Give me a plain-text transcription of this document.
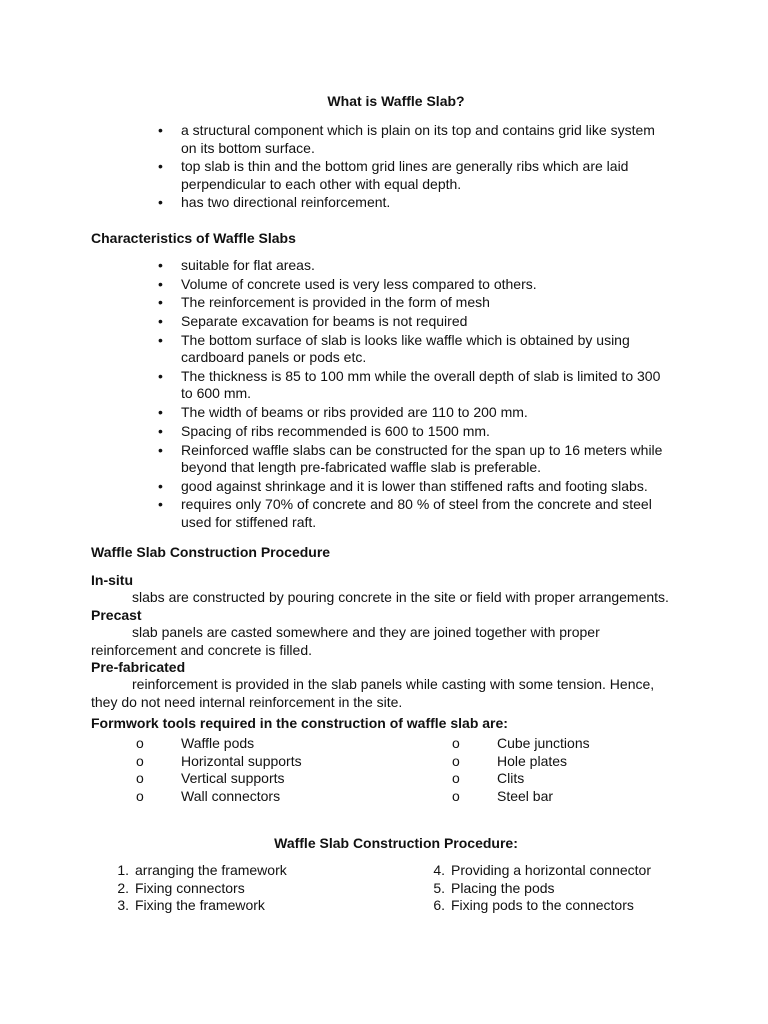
What is Waffle Slab?
• a structural component which is plain on its top and contains grid like system on its bottom surface.
• top slab is thin and the bottom grid lines are generally ribs which are laid perpendicular to each other with equal depth.
• has two directional reinforcement.
Characteristics of Waffle Slabs
• suitable for flat areas.
• Volume of concrete used is very less compared to others.
• The reinforcement is provided in the form of mesh
• Separate excavation for beams is not required
• The bottom surface of slab is looks like waffle which is obtained by using cardboard panels or pods etc.
• The thickness is 85 to 100 mm while the overall depth of slab is limited to 300 to 600 mm.
• The width of beams or ribs provided are 110 to 200 mm.
• Spacing of ribs recommended is 600 to 1500 mm.
• Reinforced waffle slabs can be constructed for the span up to 16 meters while beyond that length pre-fabricated waffle slab is preferable.
• good against shrinkage and it is lower than stiffened rafts and footing slabs.
• requires only 70% of concrete and 80 % of steel from the concrete and steel used for stiffened raft.
Waffle Slab Construction Procedure
In-situ
slabs are constructed by pouring concrete in the site or field with proper arrangements.
Precast
slab panels are casted somewhere and they are joined together with proper reinforcement and concrete is filled.
Pre-fabricated
reinforcement is provided in the slab panels while casting with some tension. Hence, they do not need internal reinforcement in the site.
Formwork tools required in the construction of waffle slab are:
o	Waffle pods
o	Horizontal supports
o	Vertical supports
o	Wall connectors
o	Cube junctions
o	Hole plates
o	Clits
o	Steel bar
Waffle Slab Construction Procedure:
1. arranging the framework
2. Fixing connectors
3. Fixing the framework
4. Providing a horizontal connector
5. Placing the pods
6. Fixing pods to the connectors
